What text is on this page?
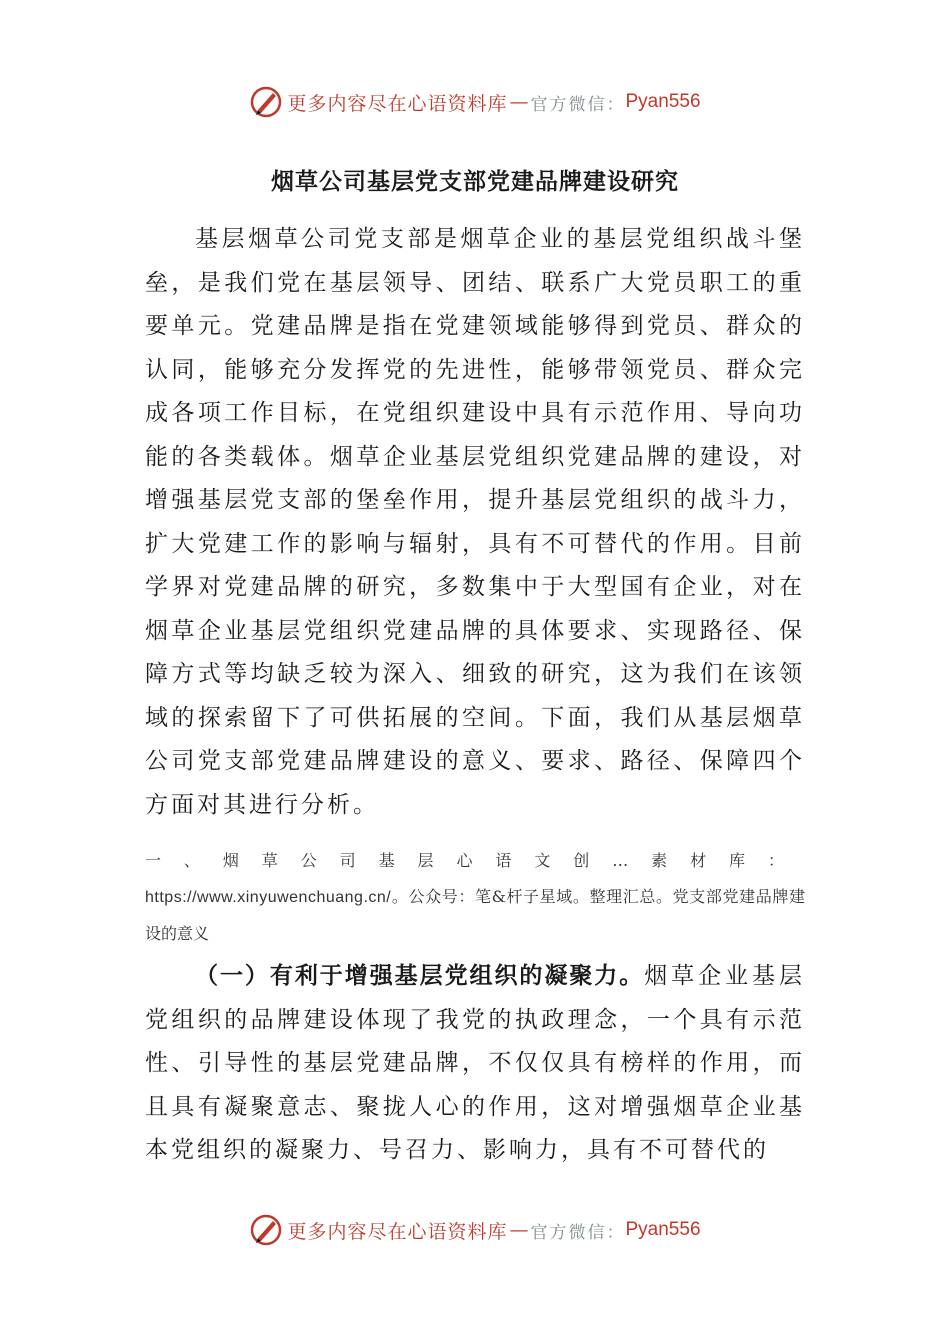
更多内容尽在心语资料库 — 官方微信： Pyan556
烟草公司基层党支部党建品牌建设研究

基层烟草公司党支部是烟草企业的基层党组织战斗堡垒，是我们党在基层领导、团结、联系广大党员职工的重要单元。党建品牌是指在党建领域能够得到党员、群众的认同，能够充分发挥党的先进性，能够带领党员、群众完成各项工作目标，在党组织建设中具有示范作用、导向功能的各类载体。烟草企业基层党组织党建品牌的建设，对增强基层党支部的堡垒作用，提升基层党组织的战斗力，扩大党建工作的影响与辐射，具有不可替代的作用。目前学界对党建品牌的研究，多数集中于大型国有企业，对在烟草企业基层党组织党建品牌的具体要求、实现路径、保障方式等均缺乏较为深入、细致的研究，这为我们在该领域的探索留下了可供拓展的空间。下面，我们从基层烟草公司党支部党建品牌建设的意义、要求、路径、保障四个方面对其进行分析。

一、烟草公司基层心语文创…素材库：https://www.xinyuwenchuang.cn/。公众号：笔&杆子星域。整理汇总。党支部党建品牌建设的意义

（一）有利于增强基层党组织的凝聚力。烟草企业基层党组织的品牌建设体现了我党的执政理念，一个具有示范性、引导性的基层党建品牌，不仅仅具有榜样的作用，而且具有凝聚意志、聚拢人心的作用，这对增强烟草企业基本党组织的凝聚力、号召力、影响力，具有不可替代的

更多内容尽在心语资料库 — 官方微信： Pyan556
